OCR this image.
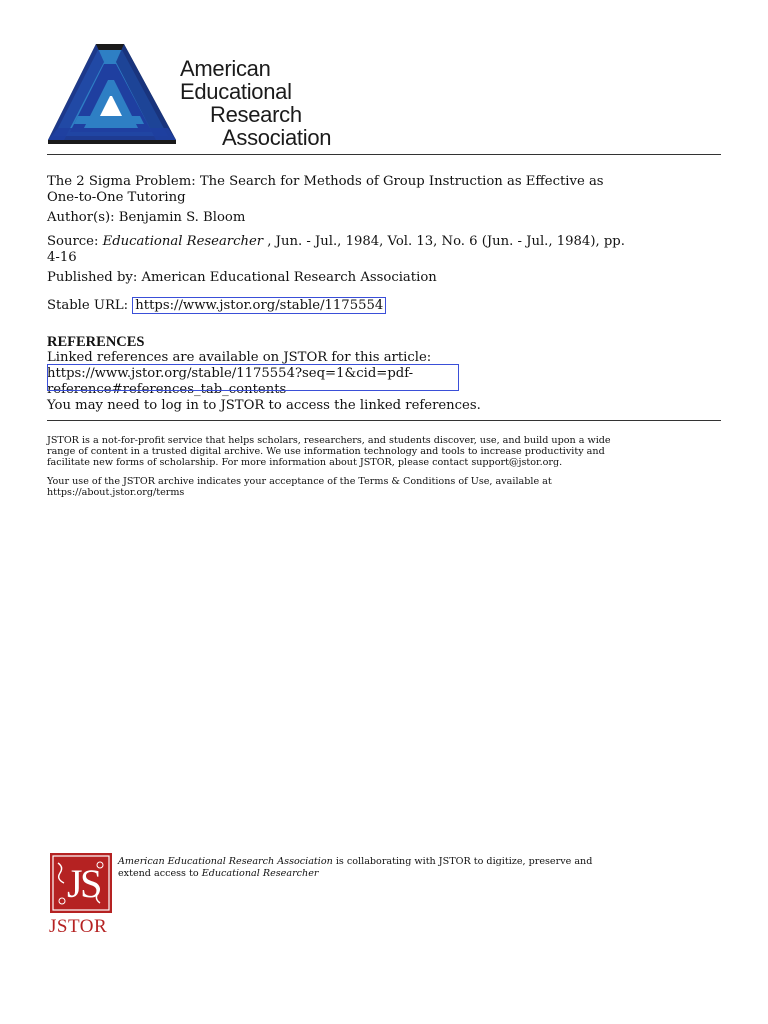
American
Educational
Research
Association
The 2 Sigma Problem: The Search for Methods of Group Instruction as Effective as
One-to-One Tutoring
Author(s): Benjamin S. Bloom
Source: Educational Researcher , Jun. - Jul., 1984, Vol. 13, No. 6 (Jun. - Jul., 1984), pp.
4-16
Published by: American Educational Research Association
Stable URL: https://www.jstor.org/stable/1175554
REFERENCES
Linked references are available on JSTOR for this article:
https://www.jstor.org/stable/1175554?seq=1&cid=pdf-
reference#references_tab_contents
You may need to log in to JSTOR to access the linked references.
JSTOR is a not-for-profit service that helps scholars, researchers, and students discover, use, and build upon a wide
range of content in a trusted digital archive. We use information technology and tools to increase productivity and
facilitate new forms of scholarship. For more information about JSTOR, please contact support@jstor.org.
Your use of the JSTOR archive indicates your acceptance of the Terms & Conditions of Use, available at
https://about.jstor.org/terms
J
S
JSTOR
American Educational Research Association is collaborating with JSTOR to digitize, preserve and
extend access to Educational Researcher
